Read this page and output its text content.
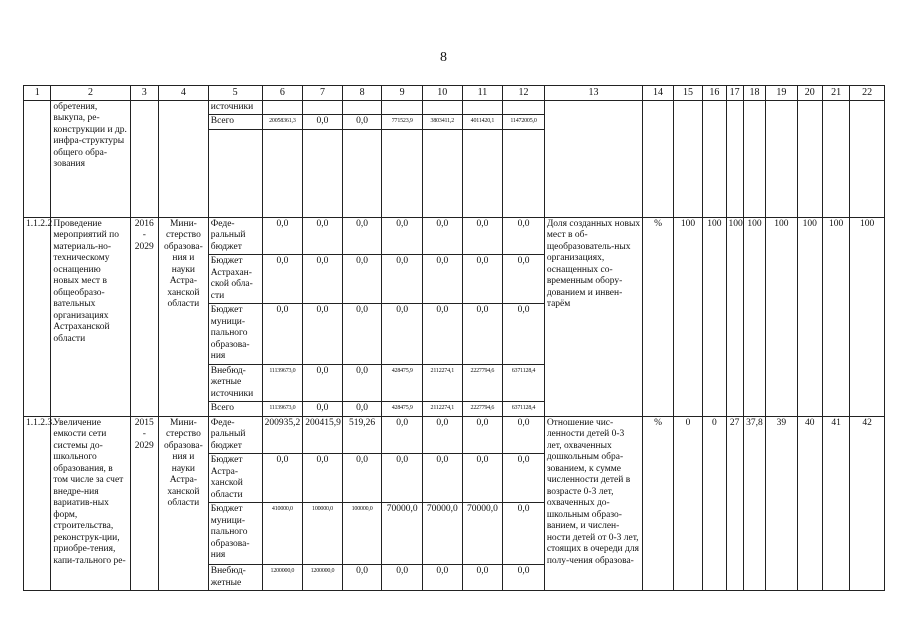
8
1	2	3	4	5	6	7	8	9	10	11	12	13	14	15	16	17	18	19	20	21	22
	обретения, выкупа, ре-конструкции и др. инфра-структуры общего обра-зования			источники																	
				Всего	20058361,3	0,0	0,0	771523,9	3803411,2	4011420,1	11472005,0										

1.1.2.2	Проведение мероприятий по материаль-но-техническому оснащению новых мест в общеобразо-вательных организациях Астраханской области	2016 - 2029	Мини-стерство образова-ния и науки Астра-ханской области	Феде-ральный бюджет	0,0	0,0	0,0	0,0	0,0	0,0	0,0	Доля созданных новых мест в об-щеобразователь-ных организациях, оснащенных со-временным обору-дованием и инвен-тарём	%	100	100	100	100	100	100	100	100
				Бюджет Астрахан-ской обла-сти	0,0	0,0	0,0	0,0	0,0	0,0	0,0										
				Бюджет муници-пального образова-ния	0,0	0,0	0,0	0,0	0,0	0,0	0,0										
				Внебюд-жетные источники	11139673,0	0,0	0,0	428475,9	2112274,1	2227794,6	6371128,4										
				Всего	11139673,0	0,0	0,0	428475,9	2112274,1	2227794,6	6371128,4										
1.1.2.3.	Увеличение емкости сети системы до-школьного образования, в том числе за счет внедре-ния вариатив-ных форм, строительства, реконструк-ции, приобре-тения, капи-тального ре-	2015 - 2029	Мини-стерство образова-ния и науки Астра-ханской области	Феде-ральный бюджет	200935,2	200415,9	519,26	0,0	0,0	0,0	0,0	Отношение чис-ленности детей 0-3 лет, охваченных дошкольным обра-зованием, к сумме численности детей в возрасте 0-3 лет, охваченных до-школьным образо-ванием, и числен-ности детей от 0-3 лет, стоящих в очереди для полу-чения образова-	%	0	0	27	37,8	39	40	41	42
				Бюджет Астра-ханской области	0,0	0,0	0,0	0,0	0,0	0,0	0,0										
				Бюджет муници-пального образова-ния	410000,0	100000,0	100000,0	70000,0	70000,0	70000,0	0,0										
				Внебюд-жетные	1200000,0	1200000,0	0,0	0,0	0,0	0,0	0,0										
